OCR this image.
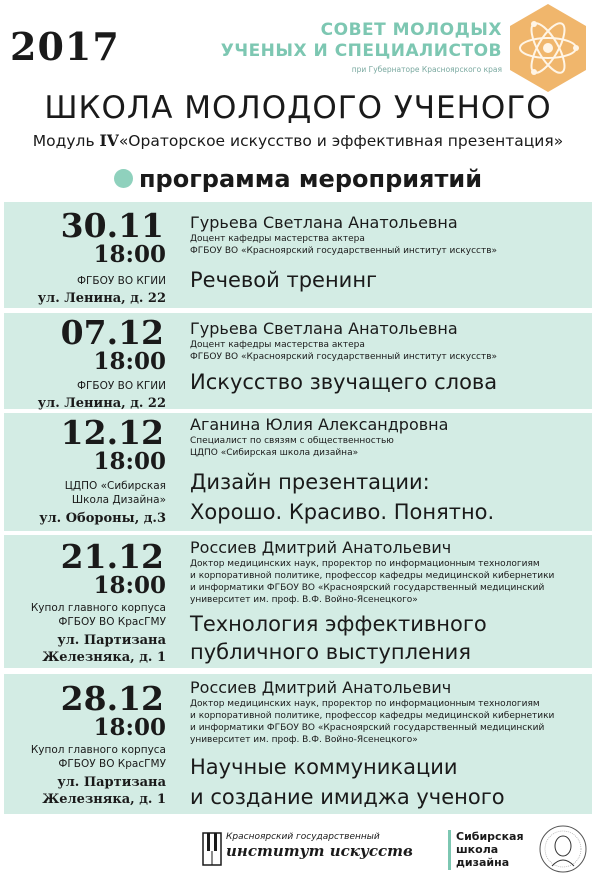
2017	СОВЕТ МОЛОДЫХ
УЧЕНЫХ И СПЕЦИАЛИСТОВ
при Губернаторе Красноярского края
ШКОЛА МОЛОДОГО УЧЕНОГО
Модуль IV«Ораторское искусство и эффективная презентация»
программа мероприятий
30.11
18:00
ФГБОУ ВО КГИИ
ул. Ленина, д. 22
Гурьева Светлана Анатольевна
Доцент кафедры мастерства актера
ФГБОУ ВО «Красноярский государственный институт искусств»
Речевой тренинг
07.12
18:00
ФГБОУ ВО КГИИ
ул. Ленина, д. 22
Гурьева Светлана Анатольевна
Доцент кафедры мастерства актера
ФГБОУ ВО «Красноярский государственный институт искусств»
Искусство звучащего слова
12.12
18:00
ЦДПО «Сибирская
Школа Дизайна»
ул. Обороны, д.3
Аганина Юлия Александровна
Специалист по связям с общественностью
ЦДПО «Сибирская школа дизайна»
Дизайн презентации:
Хорошо. Красиво. Понятно.
21.12
18:00
Купол главного корпуса
ФГБОУ ВО КрасГМУ
ул. Партизана
Железняка, д. 1
Россиев Дмитрий Анатольевич
Доктор медицинских наук, проректор по информационным технологиям
и корпоративной политике, профессор кафедры медицинской кибернетики
и информатики ФГБОУ ВО «Красноярский государственный медицинский
университет им. проф. В.Ф. Войно-Ясенецкого»
Технология эффективного
публичного выступления
28.12
18:00
Купол главного корпуса
ФГБОУ ВО КрасГМУ
ул. Партизана
Железняка, д. 1
Россиев Дмитрий Анатольевич
Доктор медицинских наук, проректор по информационным технологиям
и корпоративной политике, профессор кафедры медицинской кибернетики
и информатики ФГБОУ ВО «Красноярский государственный медицинский
университет им. проф. В.Ф. Войно-Ясенецкого»
Научные коммуникации
и создание имиджа ученого
Красноярский государственный
институт искусств
Сибирская
школа
дизайна
